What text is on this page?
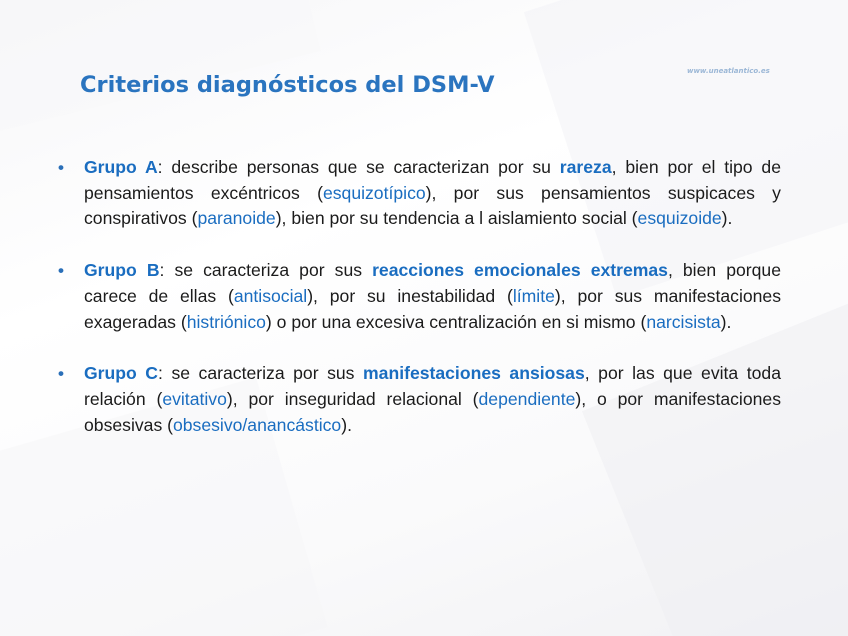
Criterios diagnósticos del DSM-V
www.uneatlantico.es
• Grupo A: describe personas que se caracterizan por su rareza, bien por el tipo de pensamientos excéntricos (esquizotípico), por sus pensamientos suspicaces y conspirativos (paranoide), bien por su tendencia a l aislamiento social (esquizoide).
• Grupo B: se caracteriza por sus reacciones emocionales extremas, bien porque carece de ellas (antisocial), por su inestabilidad (límite), por sus manifestaciones exageradas (histriónico) o por una excesiva centralización en si mismo (narcisista).
• Grupo C: se caracteriza por sus manifestaciones ansiosas, por las que evita toda relación (evitativo), por inseguridad relacional (dependiente), o por manifestaciones obsesivas (obsesivo/anancástico).
